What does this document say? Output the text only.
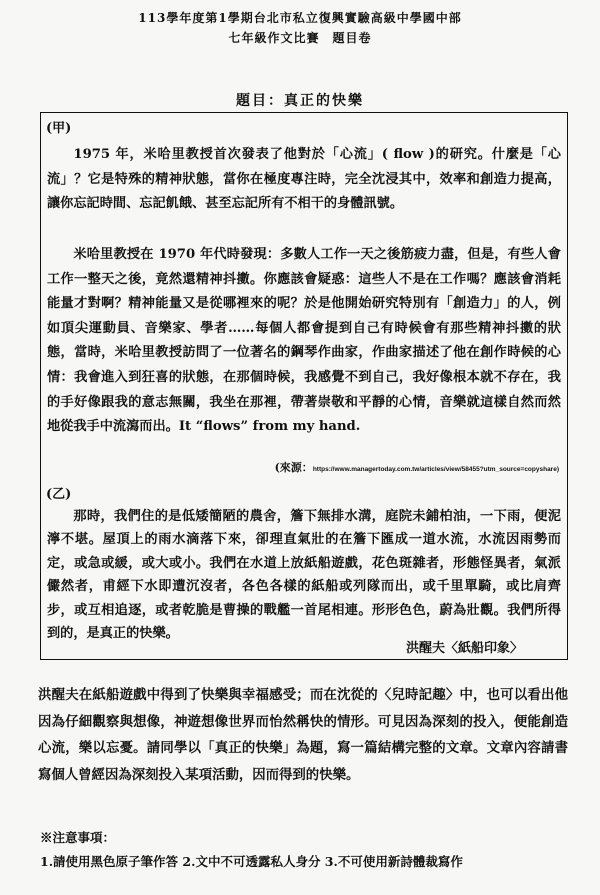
113學年度第1學期台北市私立復興實驗高級中學國中部
七年級作文比賽　題目卷
題目：真正的快樂
(甲)
1975 年，米哈里教授首次發表了他對於「心流」( flow )的研究。什麼是「心流」？它是特殊的精神狀態，當你在極度專注時，完全沈浸其中，效率和創造力提高，讓你忘記時間、忘記飢餓、甚至忘記所有不相干的身體訊號。
米哈里教授在 1970 年代時發現：多數人工作一天之後筋疲力盡，但是，有些人會工作一整天之後，竟然還精神抖擻。你應該會疑惑：這些人不是在工作嗎？應該會消耗能量才對啊？精神能量又是從哪裡來的呢？於是他開始研究特別有「創造力」的人，例如頂尖運動員、音樂家、學者……每個人都會提到自己有時候會有那些精神抖擻的狀態，當時，米哈里教授訪問了一位著名的鋼琴作曲家，作曲家描述了他在創作時候的心情：我會進入到狂喜的狀態，在那個時候，我感覺不到自己，我好像根本就不存在，我的手好像跟我的意志無關，我坐在那裡，帶著崇敬和平靜的心情，音樂就這樣自然而然地從我手中流瀉而出。It “flows” from my hand.
(來源：https://www.managertoday.com.tw/articles/view/58455?utm_source=copyshare)
(乙)
那時，我們住的是低矮簡陋的農舍，簷下無排水溝，庭院未鋪柏油，一下雨，便泥濘不堪。屋頂上的雨水滴落下來，卻理直氣壯的在簷下匯成一道水流，水流因雨勢而定，或急或緩，或大或小。我們在水道上放紙船遊戲，花色斑雜者，形態怪異者，氣派儼然者，甫經下水即遭沉沒者，各色各樣的紙船或列隊而出，或千里單騎，或比肩齊步，或互相追逐，或者乾脆是曹操的戰艦一首尾相連。形形色色，蔚為壯觀。我們所得到的，是真正的快樂。
洪醒夫〈紙船印象〉
洪醒夫在紙船遊戲中得到了快樂與幸福感受；而在沈從的〈兒時記趣〉中，也可以看出他因為仔細觀察與想像，神遊想像世界而怡然稱快的情形。可見因為深刻的投入，便能創造心流，樂以忘憂。請同學以「真正的快樂」為題，寫一篇結構完整的文章。文章內容請書寫個人曾經因為深刻投入某項活動，因而得到的快樂。
※注意事項：
1.請使用黑色原子筆作答 2.文中不可透露私人身分 3.不可使用新詩體裁寫作
